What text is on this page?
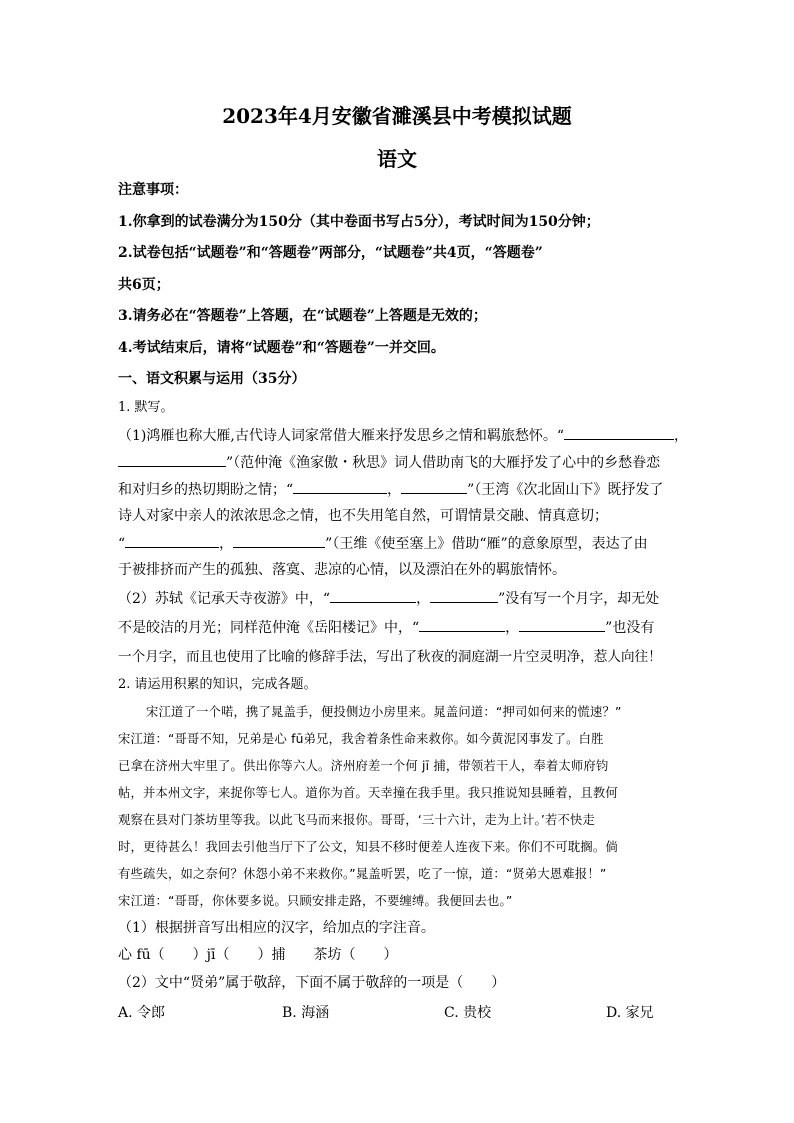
2023年4月安徽省濉溪县中考模拟试题
语文
注意事项：
1.你拿到的试卷满分为150分（其中卷面书写占5分），考试时间为150分钟；
2.试卷包括“试题卷”和“答题卷”两部分，“试题卷”共4页，“答题卷”
共6页；
3.请务必在“答题卷”上答题，在“试题卷”上答题是无效的；
4.考试结束后，请将“试题卷”和“答题卷”一并交回。
一、语文积累与运用（35分）
1. 默写。
（1)鸿雁也称大雁,古代诗人词家常借大雁来抒发思乡之情和羁旅愁怀。“	，
”（范仲淹《渔家傲・秋思》词人借助南飞的大雁抒发了心中的乡愁眷恋
和对归乡的热切期盼之情；“	，	”（王湾《次北固山下》既抒发了
诗人对家中亲人的浓浓思念之情，也不失用笔自然，可谓情景交融、情真意切；
“	，	”（王维《使至塞上》借助“雁”的意象原型，表达了由
于被排挤而产生的孤独、落寞、悲凉的心情，以及漂泊在外的羁旅情怀。
（2）苏轼《记承天寺夜游》中，“	，	”没有写一个月字，却无处
不是皎洁的月光；同样范仲淹《岳阳楼记》中，“	，	”也没有
一个月字，而且也使用了比喻的修辞手法，写出了秋夜的洞庭湖一片空灵明净，惹人向往！
2. 请运用积累的知识，完成各题。
宋江道了一个喏，携了晁盖手，便投侧边小房里来。晁盖问道：“押司如何来的慌速？”
宋江道：“哥哥不知，兄弟是心 fū弟兄，我舍着条性命来救你。如今黄泥冈事发了。白胜
已拿在济州大牢里了。供出你等六人。济州府差一个何 jī 捕，带领若干人，奉着太师府钧
帖，并本州文字，来捉你等七人。道你为首。天幸撞在我手里。我只推说知县睡着，且教何
观察在县对门茶坊里等我。以此飞马而来报你。哥哥，‘三十六计，走为上计。’若不快走
时，更待甚么！我回去引他当厅下了公文，知县不移时便差人连夜下来。你们不可耽搁。倘
有些疏失，如之奈何？休怨小弟不来救你。”晁盖听罢，吃了一惊，道：“贤弟大恩难报！”
宋江道：“哥哥，你休要多说。只顾安排走路，不要缠缚。我便回去也。”
（1）根据拼音写出相应的汉字，给加点的字注音。
心 fū（　　）jī（　　）捕　　茶坊（　　）
（2）文中“贤弟”属于敬辞，下面不属于敬辞的一项是（　　）
A. 令郎	B. 海涵	C. 贵校	D. 家兄
